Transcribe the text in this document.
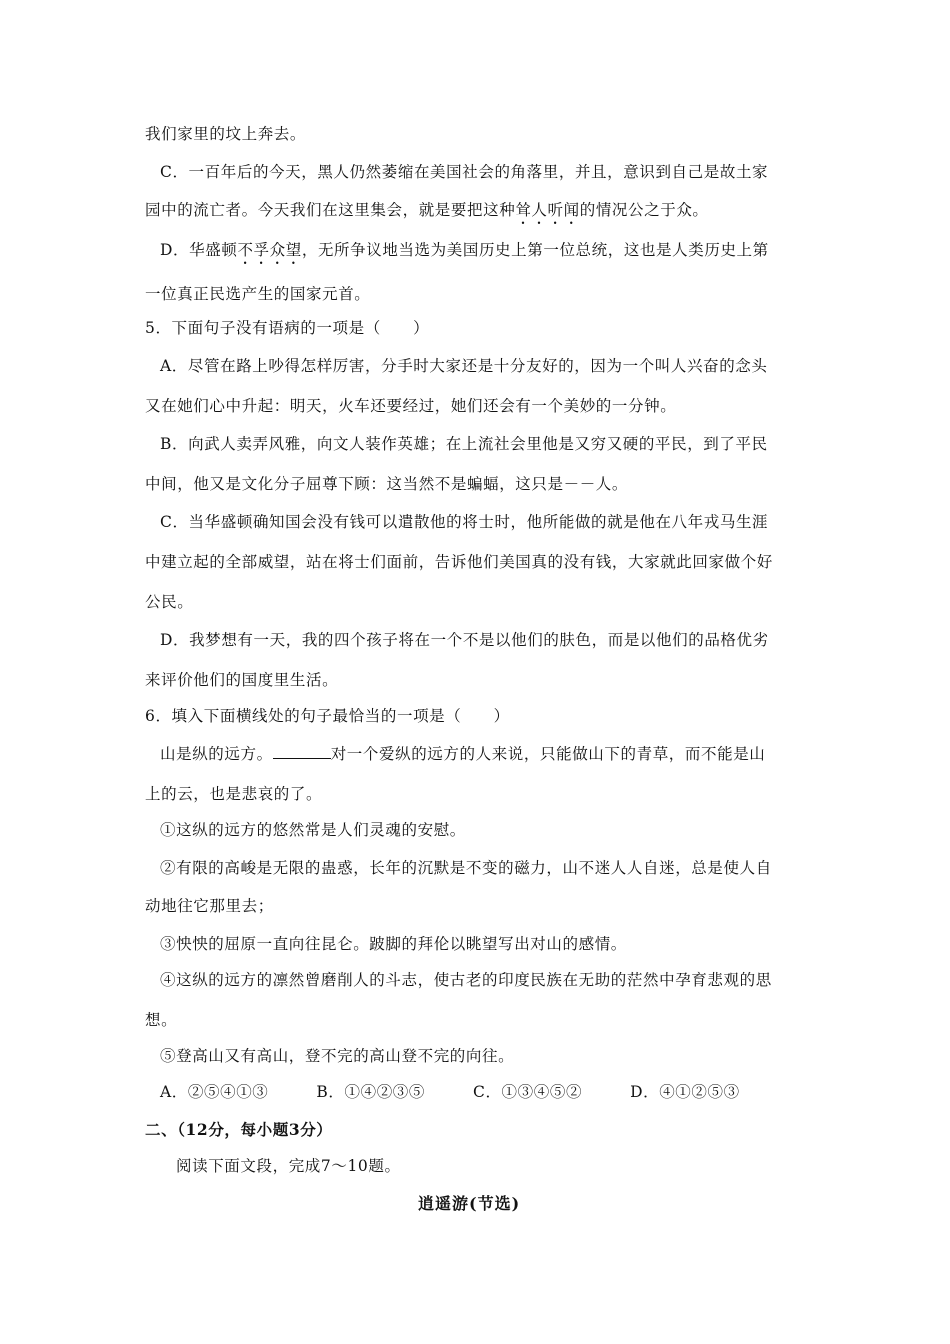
我们家里的坟上奔去。
C．一百年后的今天，黑人仍然萎缩在美国社会的角落里，并且，意识到自己是故土家
园中的流亡者。今天我们在这里集会，就是要把这种耸人听闻的情况公之于众。
D．华盛顿不孚众望，无所争议地当选为美国历史上第一位总统，这也是人类历史上第
一位真正民选产生的国家元首。
5．下面句子没有语病的一项是（　　）
A．尽管在路上吵得怎样厉害，分手时大家还是十分友好的，因为一个叫人兴奋的念头
又在她们心中升起：明天，火车还要经过，她们还会有一个美妙的一分钟。
B．向武人卖弄风雅，向文人装作英雄；在上流社会里他是又穷又硬的平民，到了平民
中间，他又是文化分子屈尊下顾：这当然不是蝙蝠，这只是－－人。
C．当华盛顿确知国会没有钱可以遣散他的将士时，他所能做的就是他在八年戎马生涯
中建立起的全部威望，站在将士们面前，告诉他们美国真的没有钱，大家就此回家做个好
公民。
D．我梦想有一天，我的四个孩子将在一个不是以他们的肤色，而是以他们的品格优劣
来评价他们的国度里生活。
6．填入下面横线处的句子最恰当的一项是（　　）
山是纵的远方。	对一个爱纵的远方的人来说，只能做山下的青草，而不能是山
上的云，也是悲哀的了。
①这纵的远方的悠然常是人们灵魂的安慰。
②有限的高峻是无限的蛊惑，长年的沉默是不变的磁力，山不迷人人自迷，总是使人自
动地往它那里去；
③怏怏的屈原一直向往昆仑。跛脚的拜伦以眺望写出对山的感情。
④这纵的远方的凛然曾磨削人的斗志，使古老的印度民族在无助的茫然中孕育悲观的思
想。
⑤登高山又有高山，登不完的高山登不完的向往。
A．②⑤④①③	B．①④②③⑤	C．①③④⑤②	D．④①②⑤③
二、（12分，每小题3分）
阅读下面文段，完成7～10题。
逍遥游(节选)
